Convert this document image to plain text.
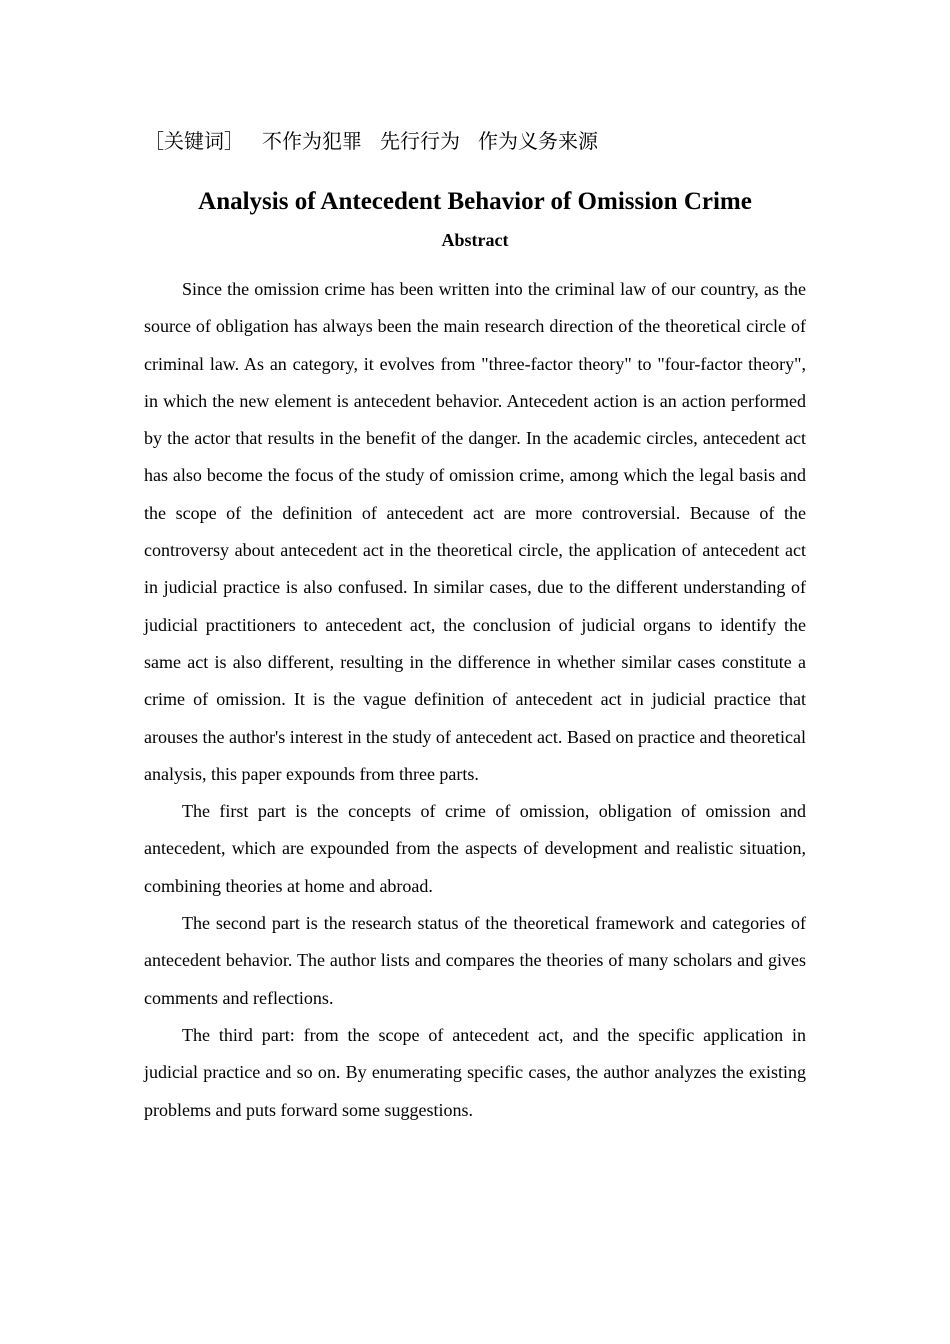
［关键词］ 不作为犯罪 先行行为 作为义务来源
Analysis of Antecedent Behavior of Omission Crime
Abstract

Since the omission crime has been written into the criminal law of our country, as the source of obligation has always been the main research direction of the theoretical circle of criminal law. As an category, it evolves from "three-factor theory" to "four-factor theory", in which the new element is antecedent behavior. Antecedent action is an action performed by the actor that results in the benefit of the danger. In the academic circles, antecedent act has also become the focus of the study of omission crime, among which the legal basis and the scope of the definition of antecedent act are more controversial. Because of the controversy about antecedent act in the theoretical circle, the application of antecedent act in judicial practice is also confused. In similar cases, due to the different understanding of judicial practitioners to antecedent act, the conclusion of judicial organs to identify the same act is also different, resulting in the difference in whether similar cases constitute a crime of omission. It is the vague definition of antecedent act in judicial practice that arouses the author's interest in the study of antecedent act. Based on practice and theoretical analysis, this paper expounds from three parts.

The first part is the concepts of crime of omission, obligation of omission and antecedent, which are expounded from the aspects of development and realistic situation, combining theories at home and abroad.

The second part is the research status of the theoretical framework and categories of antecedent behavior. The author lists and compares the theories of many scholars and gives comments and reflections.

The third part: from the scope of antecedent act, and the specific application in judicial practice and so on. By enumerating specific cases, the author analyzes the existing problems and puts forward some suggestions.
